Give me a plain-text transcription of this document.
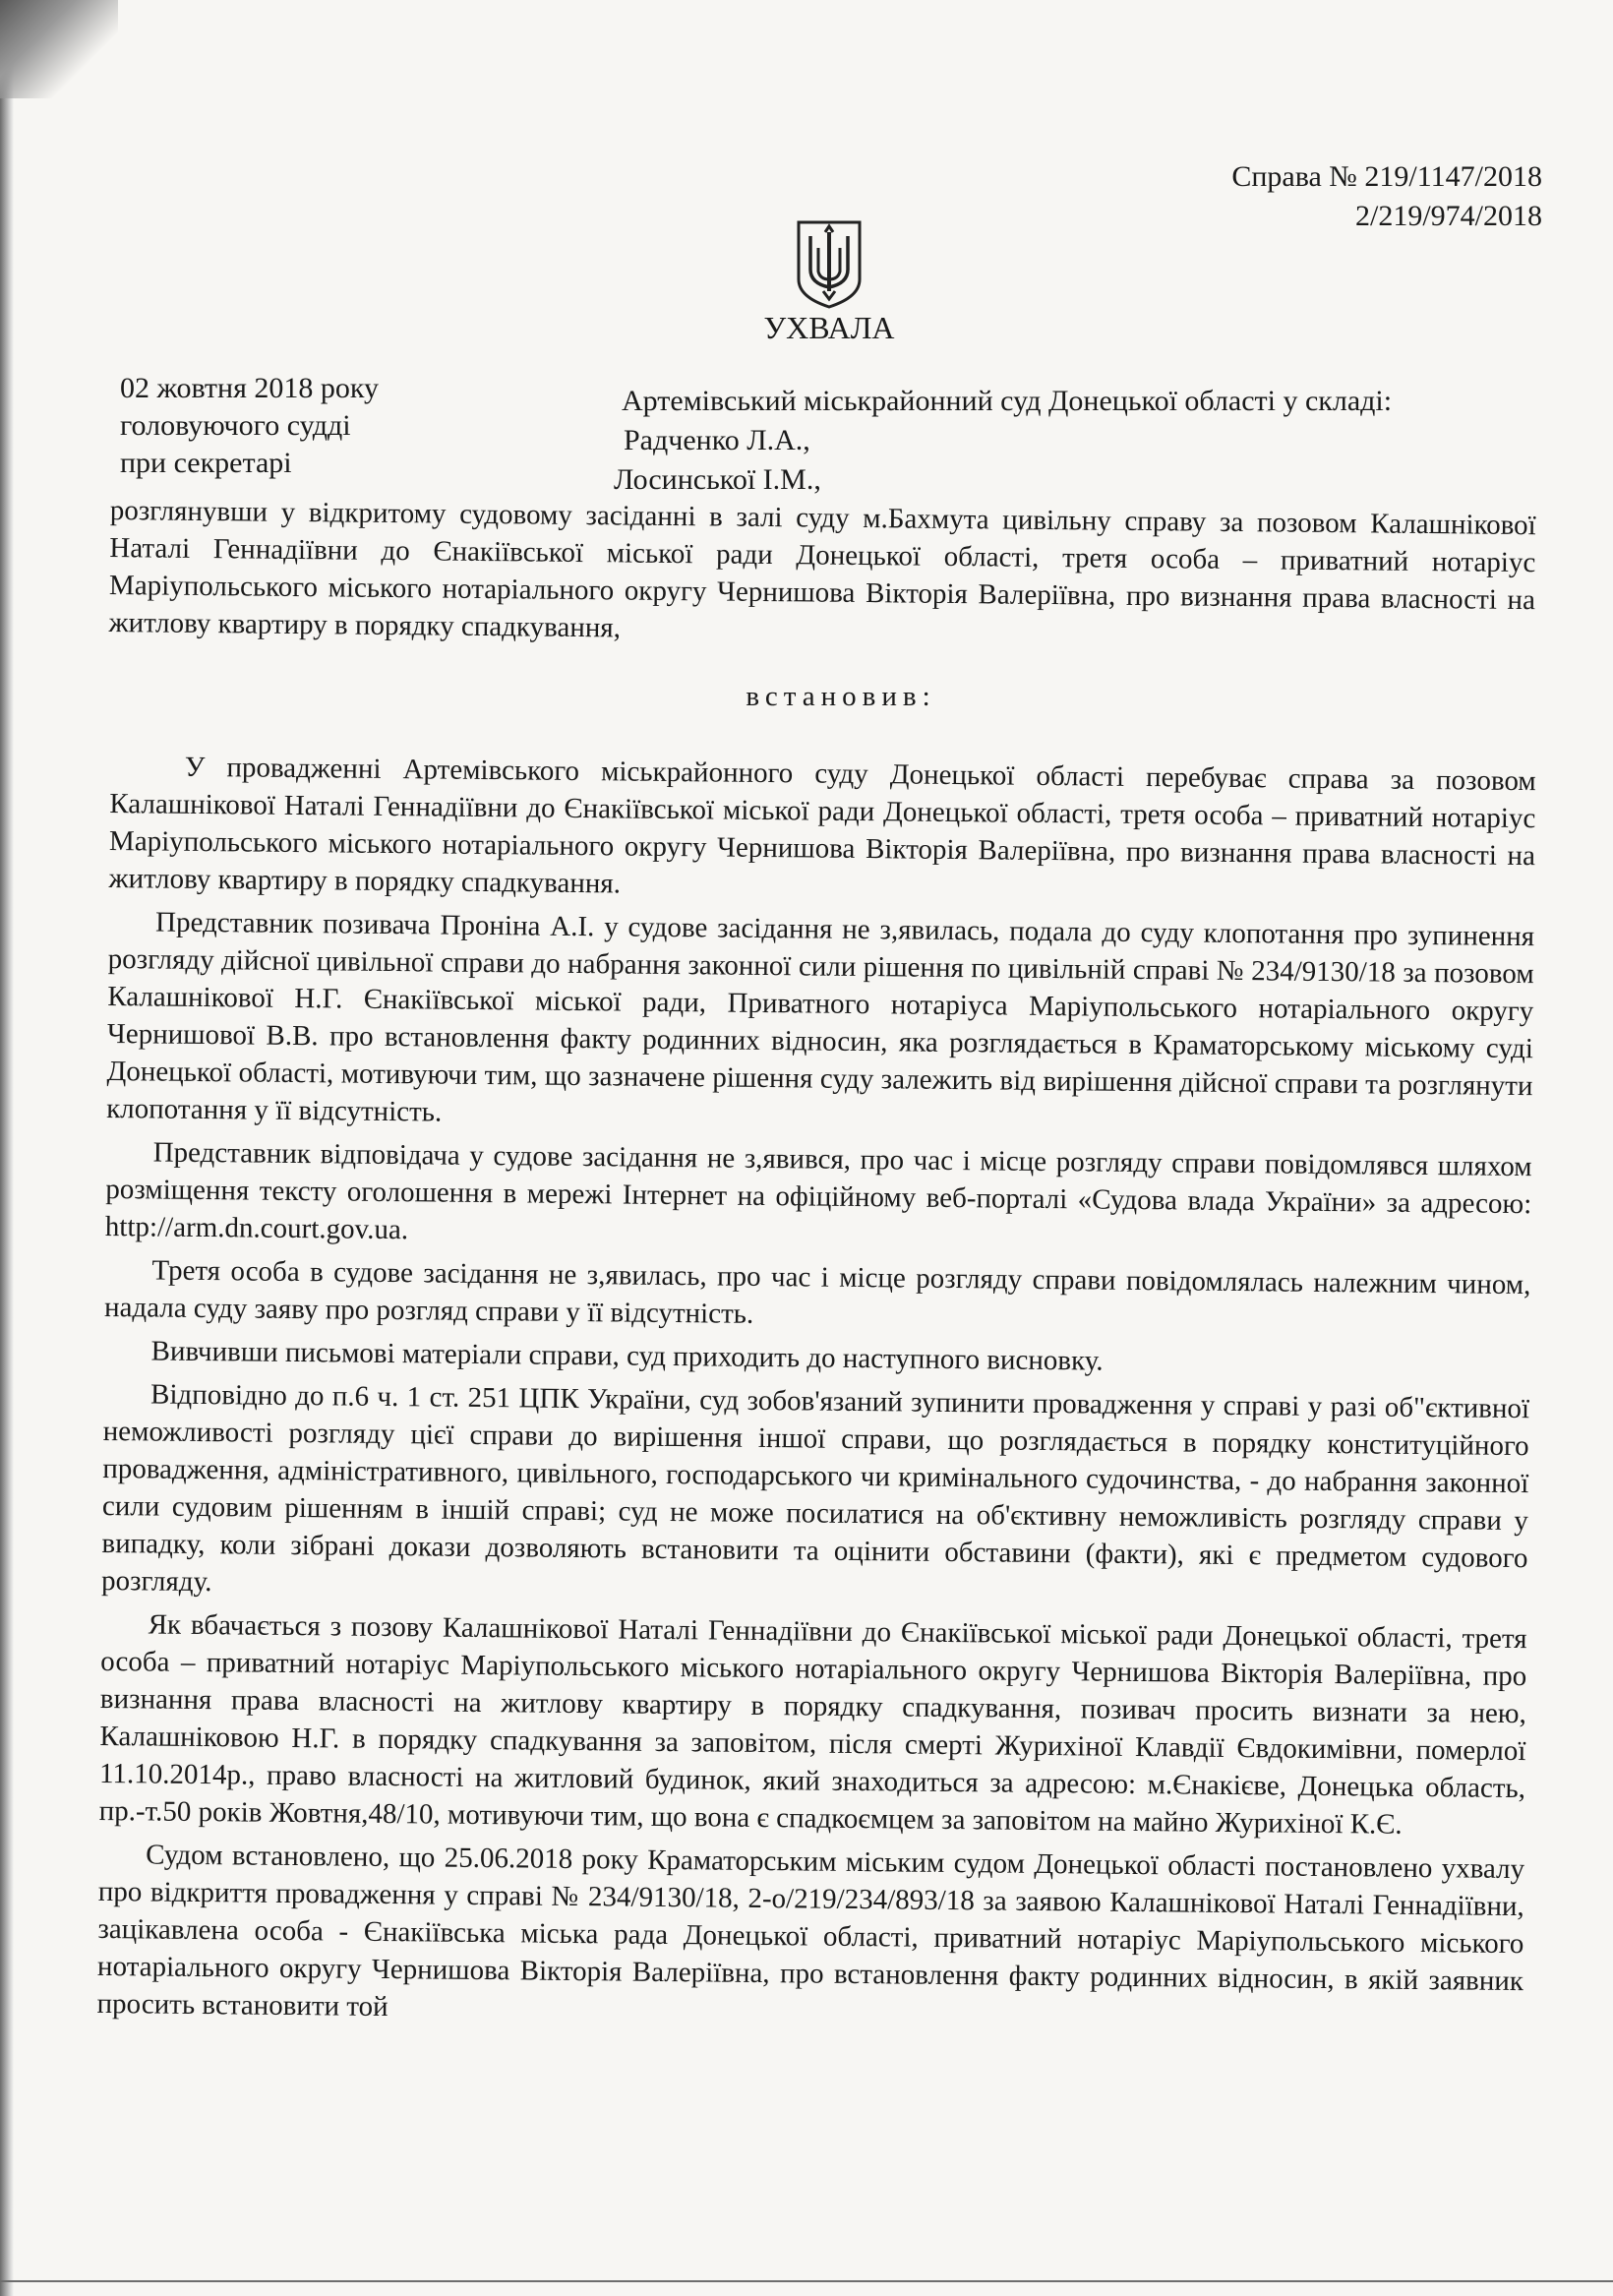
Справа № 219/1147/2018
2/219/974/2018
УХВАЛА
02 жовтня 2018 року
головуючого судді
при секретарі
Артемівський міськрайонний суд Донецької області у складі:
Радченко Л.А.,
Лосинської І.М.,
розглянувши у відкритому судовому засіданні в залі суду м.Бахмута цивільну справу за позовом Калашнікової Наталі Геннадіївни до Єнакіївської міської ради Донецької області, третя особа – приватний нотаріус Маріупольського міського нотаріального округу Чернишова Вікторія Валеріївна, про визнання права власності на житлову квартиру в порядку спадкування,
встановив:

У провадженні Артемівського міськрайонного суду Донецької області перебуває справа за позовом Калашнікової Наталі Геннадіївни до Єнакіївської міської ради Донецької області, третя особа – приватний нотаріус Маріупольського міського нотаріального округу Чернишова Вікторія Валеріївна, про визнання права власності на житлову квартиру в порядку спадкування.

Представник позивача Проніна А.І. у судове засідання не з,явилась, подала до суду клопотання про зупинення розгляду дійсної цивільної справи до набрання законної сили рішення по цивільній справі № 234/9130/18 за позовом Калашнікової Н.Г. Єнакіївської міської ради, Приватного нотаріуса Маріупольського нотаріального округу Чернишової В.В. про встановлення факту родинних відносин, яка розглядається в Краматорському міському суді Донецької області, мотивуючи тим, що зазначене рішення суду залежить від вирішення дійсної справи та розглянути клопотання у її відсутність.

Представник відповідача у судове засідання не з,явився, про час і місце розгляду справи повідомлявся шляхом розміщення тексту оголошення в мережі Інтернет на офіційному веб-порталі «Судова влада України» за адресою: http://arm.dn.court.gov.ua.

Третя особа в судове засідання не з,явилась, про час і місце розгляду справи повідомлялась належним чином, надала суду заяву про розгляд справи у її відсутність.

Вивчивши письмові матеріали справи, суд приходить до наступного висновку.

Відповідно до п.6 ч. 1 ст. 251 ЦПК України, суд зобов'язаний зупинити провадження у справі у разі об"єктивної неможливості розгляду цієї справи до вирішення іншої справи, що розглядається в порядку конституційного провадження, адміністративного, цивільного, господарського чи кримінального судочинства, - до набрання законної сили судовим рішенням в іншій справі; суд не може посилатися на об'єктивну неможливість розгляду справи у випадку, коли зібрані докази дозволяють встановити та оцінити обставини (факти), які є предметом судового розгляду.

Як вбачається з позову Калашнікової Наталі Геннадіївни до Єнакіївської міської ради Донецької області, третя особа – приватний нотаріус Маріупольського міського нотаріального округу Чернишова Вікторія Валеріївна, про визнання права власності на житлову квартиру в порядку спадкування, позивач просить визнати за нею, Калашніковою Н.Г. в порядку спадкування за заповітом, після смерті Журихіної Клавдії Євдокимівни, померлої 11.10.2014р., право власності на житловий будинок, який знаходиться за адресою: м.Єнакієве, Донецька область, пр.-т.50 років Жовтня,48/10, мотивуючи тим, що вона є спадкоємцем за заповітом на майно Журихіної К.Є.

Судом встановлено, що 25.06.2018 року Краматорським міським судом Донецької області постановлено ухвалу про відкриття провадження у справі № 234/9130/18, 2-о/219/234/893/18 за заявою Калашнікової Наталі Геннадіївни, зацікавлена особа - Єнакіївська міська рада Донецької області, приватний нотаріус Маріупольського міського нотаріального округу Чернишова Вікторія Валеріївна, про встановлення факту родинних відносин, в якій заявник просить встановити той
